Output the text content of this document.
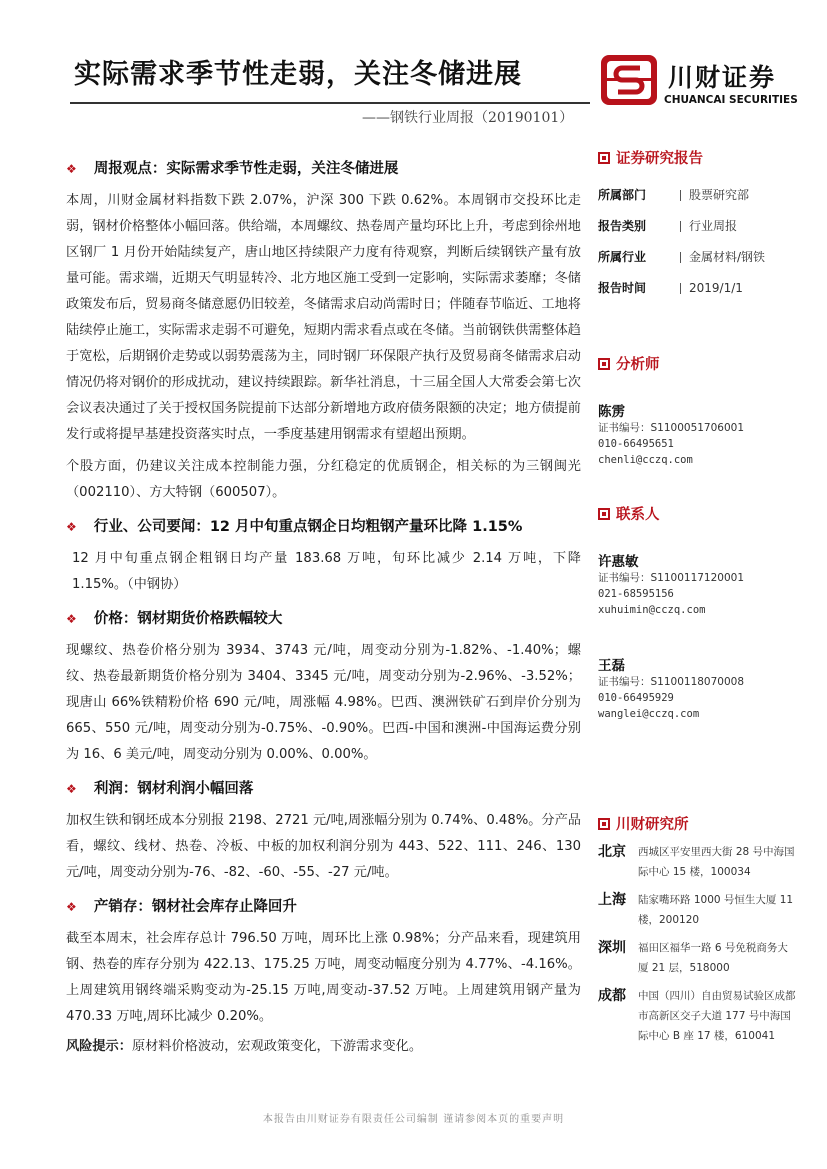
实际需求季节性走弱，关注冬储进展
——钢铁行业周报（20190101）
川财证券
CHUANCAI SECURITIES
❖ 周报观点：实际需求季节性走弱，关注冬储进展

本周，川财金属材料指数下跌 2.07%，沪深 300 下跌 0.62%。本周钢市交投环比走弱，钢材价格整体小幅回落。供给端，本周螺纹、热卷周产量均环比上升，考虑到徐州地区钢厂 1 月份开始陆续复产，唐山地区持续限产力度有待观察，判断后续钢铁产量有放量可能。需求端，近期天气明显转冷、北方地区施工受到一定影响，实际需求萎靡；冬储政策发布后，贸易商冬储意愿仍旧较差，冬储需求启动尚需时日；伴随春节临近、工地将陆续停止施工，实际需求走弱不可避免，短期内需求看点或在冬储。当前钢铁供需整体趋于宽松，后期钢价走势或以弱势震荡为主，同时钢厂环保限产执行及贸易商冬储需求启动情况仍将对钢价的形成扰动，建议持续跟踪。新华社消息，十三届全国人大常委会第七次会议表决通过了关于授权国务院提前下达部分新增地方政府债务限额的决定；地方债提前发行或将提早基建投资落实时点，一季度基建用钢需求有望超出预期。

个股方面，仍建议关注成本控制能力强，分红稳定的优质钢企，相关标的为三钢闽光（002110）、方大特钢（600507）。

❖ 行业、公司要闻：12 月中旬重点钢企日均粗钢产量环比降 1.15%

12 月中旬重点钢企粗钢日均产量 183.68 万吨，旬环比减少 2.14 万吨，下降 1.15%。（中钢协）

❖ 价格：钢材期货价格跌幅较大

现螺纹、热卷价格分别为 3934、3743 元/吨，周变动分别为-1.82%、-1.40%；螺纹、热卷最新期货价格分别为 3404、3345 元/吨，周变动分别为-2.96%、-3.52%；现唐山 66%铁精粉价格 690 元/吨，周涨幅 4.98%。巴西、澳洲铁矿石到岸价分别为 665、550 元/吨，周变动分别为-0.75%、-0.90%。巴西-中国和澳洲-中国海运费分别为 16、6 美元/吨，周变动分别为 0.00%、0.00%。

❖ 利润：钢材利润小幅回落

加权生铁和钢坯成本分别报 2198、2721 元/吨,周涨幅分别为 0.74%、0.48%。分产品看，螺纹、线材、热卷、冷板、中板的加权利润分别为 443、522、111、246、130 元/吨，周变动分别为-76、-82、-60、-55、-27 元/吨。

❖ 产销存：钢材社会库存止降回升

截至本周末，社会库存总计 796.50 万吨，周环比上涨 0.98%；分产品来看，现建筑用钢、热卷的库存分别为 422.13、175.25 万吨，周变动幅度分别为 4.77%、-4.16%。上周建筑用钢终端采购变动为-25.15 万吨,周变动-37.52 万吨。上周建筑用钢产量为 470.33 万吨,周环比减少 0.20%。

风险提示：原材料价格波动，宏观政策变化，下游需求变化。
证券研究报告
所属部门	股票研究部
报告类别	行业周报
所属行业	金属材料/钢铁
报告时间	2019/1/1
分析师
陈雳
证书编号：S1100051706001
010-66495651
chenli@cczq.com
联系人
许惠敏
证书编号：S1100117120001
021-68595156
xuhuimin@cczq.com
王磊
证书编号：S1100118070008
010-66495929
wanglei@cczq.com
川财研究所
北京	西城区平安里西大街 28 号中海国际中心 15 楼，100034
上海	陆家嘴环路 1000 号恒生大厦 11 楼，200120
深圳	福田区福华一路 6 号免税商务大厦 21 层，518000
成都	中国（四川）自由贸易试验区成都市高新区交子大道 177 号中海国际中心 B 座 17 楼，610041
本报告由川财证券有限责任公司编制 谨请参阅本页的重要声明
